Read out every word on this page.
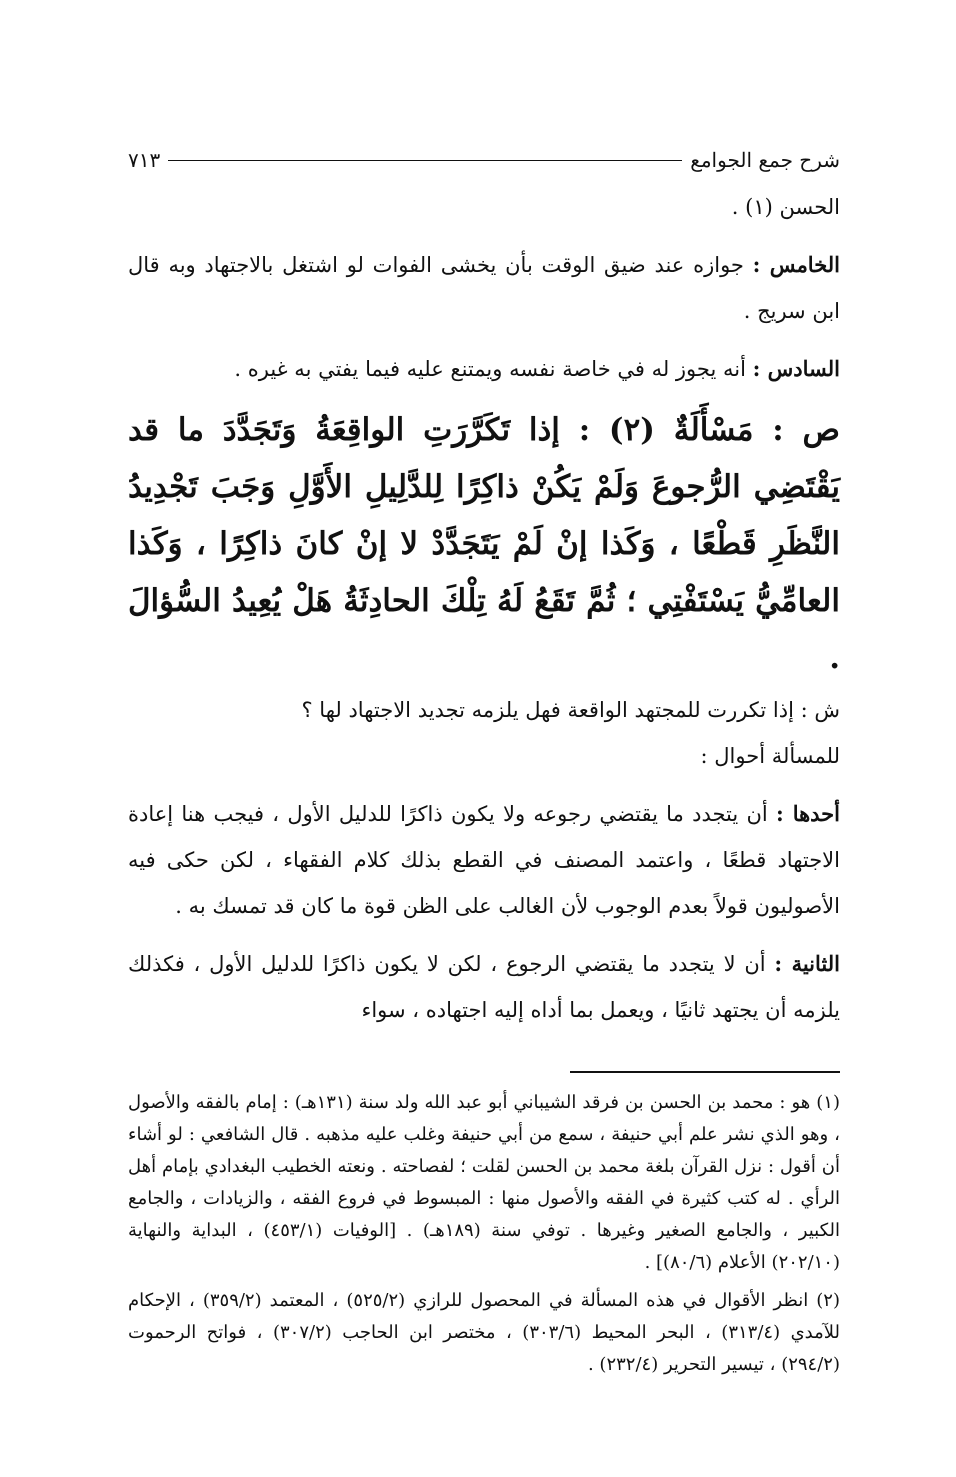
شرح جمع الجوامع
٧١٣

الحسن (١) .

الخامس : جوازه عند ضيق الوقت بأن يخشى الفوات لو اشتغل بالاجتهاد وبه قال ابن سريج .

السادس : أنه يجوز له في خاصة نفسه ويمتنع عليه فيما يفتي به غيره .

ص : مَسْأَلَةٌ (٢) : إذا تَكَرَّرَتِ الواقِعَةُ وَتَجَدَّدَ ما قد يَقْتَضِي الرُّجوعَ وَلَمْ يَكُنْ ذاكِرًا لِلدَّلِيلِ الأَوَّلِ وَجَبَ تَجْدِيدُ النَّظَرِ قَطْعًا ، وَكَذا إنْ لَمْ يَتَجَدَّدْ لا إنْ كانَ ذاكِرًا ، وَكَذا العامِّيُّ يَسْتَفْتِي ؛ ثُمَّ تَقَعُ لَهُ تِلْكَ الحادِثَةُ هَلْ يُعِيدُ السُّؤالَ .

ش : إذا تكررت للمجتهد الواقعة فهل يلزمه تجديد الاجتهاد لها ؟

للمسألة أحوال :

أحدها : أن يتجدد ما يقتضي رجوعه ولا يكون ذاكرًا للدليل الأول ، فيجب هنا إعادة الاجتهاد قطعًا ، واعتمد المصنف في القطع بذلك كلام الفقهاء ، لكن حكى فيه الأصوليون قولاً بعدم الوجوب لأن الغالب على الظن قوة ما كان قد تمسك به .

الثانية : أن لا يتجدد ما يقتضي الرجوع ، لكن لا يكون ذاكرًا للدليل الأول ، فكذلك يلزمه أن يجتهد ثانيًا ، ويعمل بما أداه إليه اجتهاده ، سواء

(١) هو : محمد بن الحسن بن فرقد الشيباني أبو عبد الله ولد سنة (١٣١هـ) : إمام بالفقه والأصول ، وهو الذي نشر علم أبي حنيفة ، سمع من أبي حنيفة وغلب عليه مذهبه . قال الشافعي : لو أشاء أن أقول : نزل القرآن بلغة محمد بن الحسن لقلت ؛ لفصاحته . ونعته الخطيب البغدادي بإمام أهل الرأي . له كتب كثيرة في الفقه والأصول منها : المبسوط في فروع الفقه ، والزيادات ، والجامع الكبير ، والجامع الصغير وغيرها . توفي سنة (١٨٩هـ) . [الوفيات (٤٥٣/١) ، البداية والنهاية (٢٠٢/١٠) الأعلام (٨٠/٦)] .

(٢) انظر الأقوال في هذه المسألة في المحصول للرازي (٥٢٥/٢) ، المعتمد (٣٥٩/٢) ، الإحكام للآمدي (٣١٣/٤) ، البحر المحيط (٣٠٣/٦) ، مختصر ابن الحاجب (٣٠٧/٢) ، فواتح الرحموت (٢٩٤/٢) ، تيسير التحرير (٢٣٢/٤) .
